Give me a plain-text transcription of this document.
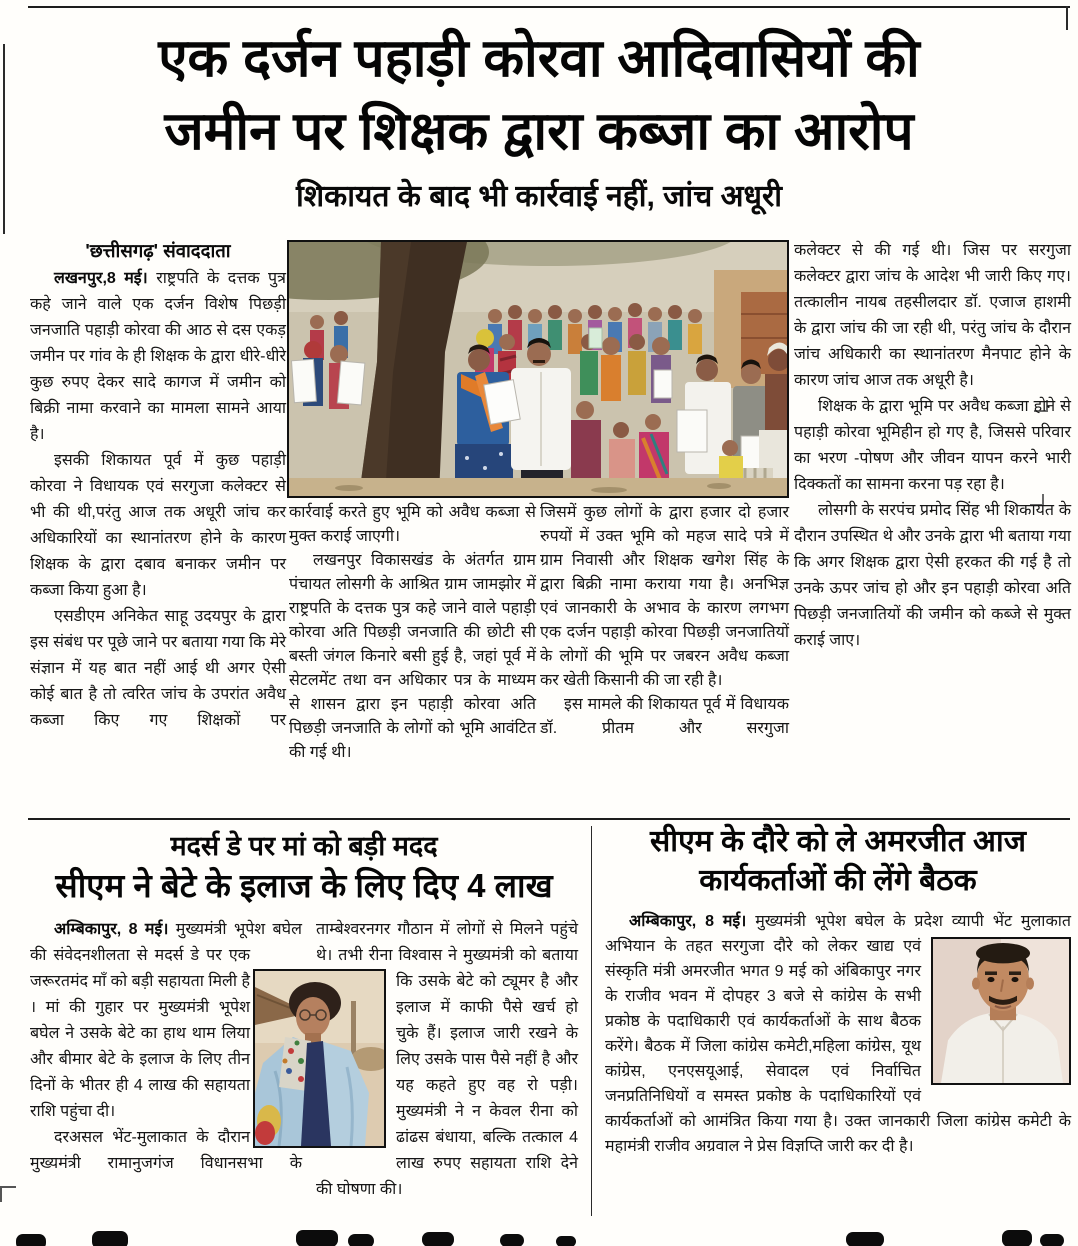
एक दर्जन पहाड़ी कोरवा आदिवासियों की
जमीन पर शिक्षक द्वारा कब्जा का आरोप
शिकायत के बाद भी कार्रवाई नहीं, जांच अधूरी

'छत्तीसगढ़' संवाददाता

लखनपुर,8 मई। राष्ट्रपति के दत्तक पुत्र कहे जाने वाले एक दर्जन विशेष पिछड़ी जनजाति पहाड़ी कोरवा की आठ से दस एकड़ जमीन पर गांव के ही शिक्षक के द्वारा धीरे-धीरे कुछ रुपए देकर सादे कागज में जमीन को बिक्री नामा करवाने का मामला सामने आया है।

इसकी शिकायत पूर्व में कुछ पहाड़ी कोरवा ने विधायक एवं सरगुजा कलेक्टर से भी की थी,परंतु आज तक अधूरी जांच कर अधिकारियों का स्थानांतरण होने के कारण शिक्षक के द्वारा दबाव बनाकर जमीन पर कब्जा किया हुआ है।

एसडीएम अनिकेत साहू उदयपुर के द्वारा इस संबंध पर पूछे जाने पर बताया गया कि मेरे संज्ञान में यह बात नहीं आई थी अगर ऐसी कोई बात है तो त्वरित जांच के उपरांत अवैध कब्जा किए गए शिक्षकों पर

कार्रवाई करते हुए भूमि को अवैध कब्जा से मुक्त कराई जाएगी।

लखनपुर विकासखंड के अंतर्गत ग्राम पंचायत लोसगी के आश्रित ग्राम जामझोर में राष्ट्रपति के दत्तक पुत्र कहे जाने वाले पहाड़ी कोरवा अति पिछड़ी जनजाति की छोटी सी बस्ती जंगल किनारे बसी हुई है, जहां पूर्व में सेटलमेंट तथा वन अधिकार पत्र के माध्यम से शासन द्वारा इन पहाड़ी कोरवा अति पिछड़ी जनजाति के लोगों को भूमि आवंटित की गई थी।

जिसमें कुछ लोगों के द्वारा हजार दो हजार रुपयों में उक्त भूमि को महज सादे पत्रे में ग्राम निवासी और शिक्षक खगेश सिंह के द्वारा बिक्री नामा कराया गया है। अनभिज्ञ एवं जानकारी के अभाव के कारण लगभग एक दर्जन पहाड़ी कोरवा पिछड़ी जनजातियों के लोगों की भूमि पर जबरन अवैध कब्जा कर खेती किसानी की जा रही है।

इस मामले की शिकायत पूर्व में विधायक डॉ. प्रीतम और सरगुजा

कलेक्टर से की गई थी। जिस पर सरगुजा कलेक्टर द्वारा जांच के आदेश भी जारी किए गए।तत्कालीन नायब तहसीलदार डॉ. एजाज हाशमी के द्वारा जांच की जा रही थी, परंतु जांच के दौरान जांच अधिकारी का स्थानांतरण मैनपाट होने के कारण जांच आज तक अधूरी है।

शिक्षक के द्वारा भूमि पर अवैध कब्जा होने से पहाड़ी कोरवा भूमिहीन हो गए है, जिससे परिवार का भरण -पोषण और जीवन यापन करने भारी दिक्कतों का सामना करना पड़ रहा है।

लोसगी के सरपंच प्रमोद सिंह भी शिकायत के दौरान उपस्थित थे और उनके द्वारा भी बताया गया कि अगर शिक्षक द्वारा ऐसी हरकत की गई है तो उनके ऊपर जांच हो और इन पहाड़ी कोरवा अति पिछड़ी जनजातियों की जमीन को कब्जे से मुक्त कराई जाए।

मदर्स डे पर मां को बड़ी मदद

सीएम ने बेटे के इलाज के लिए दिए 4 लाख

अम्बिकापुर, 8 मई। मुख्यमंत्री भूपेश बघेल की संवेदनशीलता से मदर्स डे पर एक जरूरतमंद माँ को बड़ी सहायता मिली है । मां की गुहार पर मुख्यमंत्री भूपेश बघेल ने उसके बेटे का हाथ थाम लिया और बीमार बेटे के इलाज के लिए तीन दिनों के भीतर ही 4 लाख की सहायता राशि पहुंचा दी।

दरअसल भेंट-मुलाकात के दौरान मुख्यमंत्री रामानुजगंज विधानसभा के

ताम्बेश्वरनगर गौठान में लोगों से मिलने पहुंचे थे। तभी रीना विश्वास ने मुख्यमंत्री को बताया कि उसके बेटे को ट्यूमर है और इलाज में काफी पैसे खर्च हो चुके हैं। इलाज जारी रखने के लिए उसके पास पैसे नहीं है और यह कहते हुए वह रो पड़ी। मुख्यमंत्री ने न केवल रीना को ढांढस बंधाया, बल्कि तत्काल 4 लाख रुपए सहायता राशि देने की घोषणा की।

सीएम के दौरे को ले अमरजीत आज
कार्यकर्ताओं की लेंगे बैठक

अम्बिकापुर, 8 मई। मुख्यमंत्री भूपेश बघेल के प्रदेश व्यापी भेंट मुलाकात अभियान के तहत सरगुजा दौरे को लेकर खाद्य एवं संस्कृति मंत्री अमरजीत भगत 9 मई को अंबिकापुर नगर के राजीव भवन में दोपहर 3 बजे से कांग्रेस के सभी प्रकोष्ठ के पदाधिकारी एवं कार्यकर्ताओं के साथ बैठक करेंगे। बैठक में जिला कांग्रेस कमेटी,महिला कांग्रेस, यूथ कांग्रेस, एनएसयूआई, सेवादल एवं निर्वाचित जनप्रतिनिधियों व समस्त प्रकोष्ठ के पदाधिकारियों एवं कार्यकर्ताओं को आमंत्रित किया गया है। उक्त जानकारी जिला कांग्रेस कमेटी के महामंत्री राजीव अग्रवाल ने प्रेस विज्ञप्ति जारी कर दी है।
